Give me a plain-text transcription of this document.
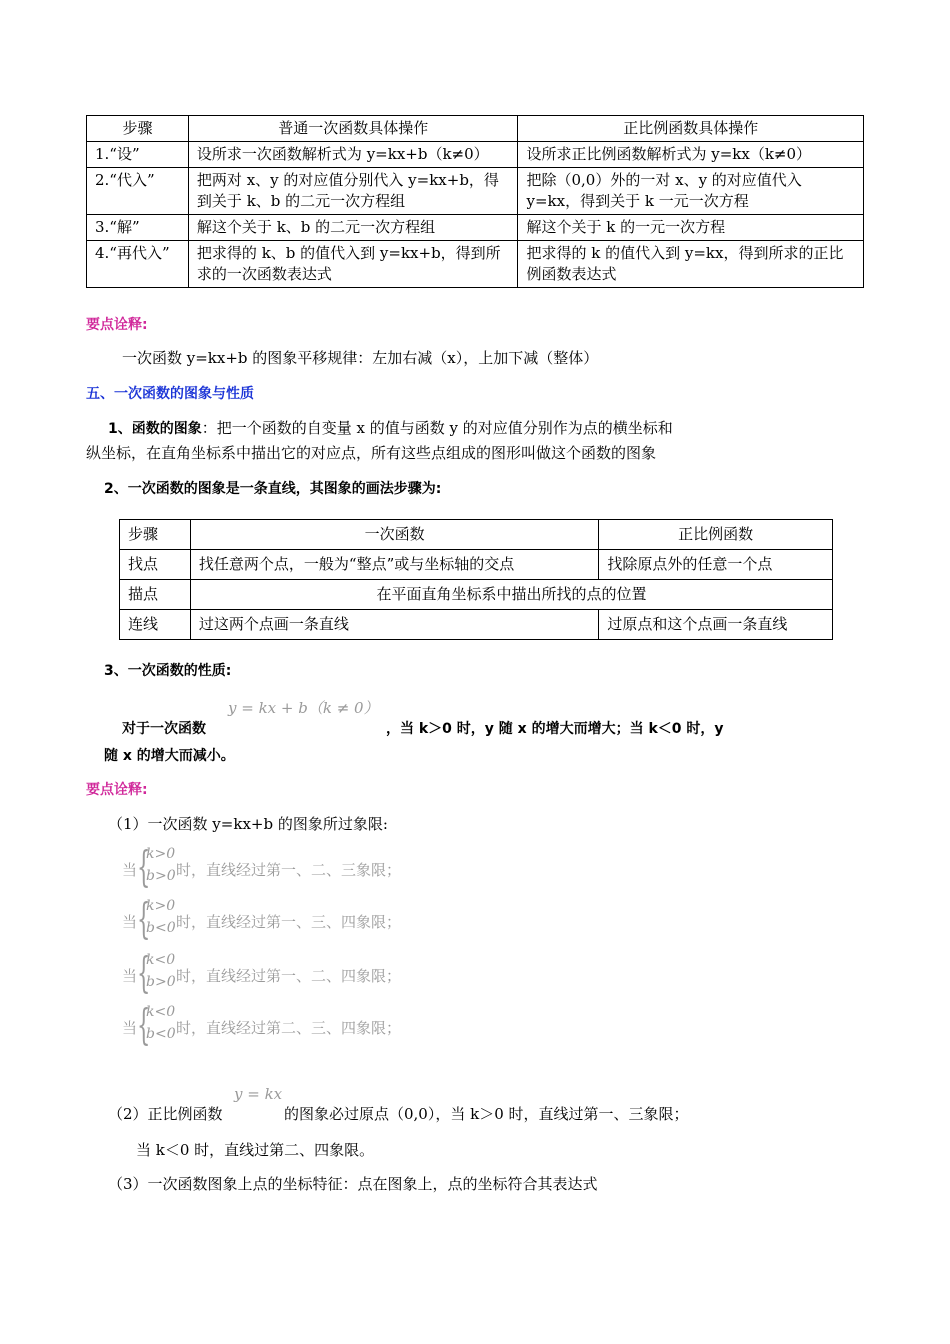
步骤	普通一次函数具体操作	正比例函数具体操作
1.“设”	设所求一次函数解析式为 y=kx+b（k≠0）	设所求正比例函数解析式为 y=kx（k≠0）
2.“代入”	把两对 x、y 的对应值分别代入 y=kx+b，得到关于 k、b 的二元一次方程组	把除（0,0）外的一对 x、y 的对应值代入 y=kx，得到关于 k 一元一次方程
3.“解”	解这个关于 k、b 的二元一次方程组	解这个关于 k 的一元一次方程
4.“再代入”	把求得的 k、b 的值代入到 y=kx+b，得到所求的一次函数表达式	把求得的 k 的值代入到 y=kx，得到所求的正比例函数表达式
要点诠释:
一次函数 y=kx+b 的图象平移规律：左加右减（x），上加下减（整体）
五、一次函数的图象与性质
1、函数的图象：把一个函数的自变量 x 的值与函数 y 的对应值分别作为点的横坐标和
纵坐标，在直角坐标系中描出它的对应点，所有这些点组成的图形叫做这个函数的图象
2、一次函数的图象是一条直线，其图象的画法步骤为:
步骤	一次函数	正比例函数
找点	找任意两个点，一般为“整点”或与坐标轴的交点	找除原点外的任意一个点
描点	在平面直角坐标系中描出所找的点的位置	
连线	过这两个点画一条直线	过原点和这个点画一条直线
3、一次函数的性质:
y = kx + b（k ≠ 0）
对于一次函数	，当 k＞0 时，y 随 x 的增大而增大；当 k＜0 时，y
随 x 的增大而减小。
要点诠释:
（1）一次函数 y=kx+b 的图象所过象限:
当 {
k>0
b>0 时，直线经过第一、二、三象限；
当 {
k>0
b<0 时，直线经过第一、三、四象限；
当 {
k<0
b>0 时，直线经过第一、二、四象限；
当 {
k<0
b<0 时，直线经过第二、三、四象限；
y = kx
（2）正比例函数	的图象必过原点（0,0），当 k＞0 时，直线过第一、三象限；
当 k＜0 时，直线过第二、四象限。
（3）一次函数图象上点的坐标特征：点在图象上，点的坐标符合其表达式
